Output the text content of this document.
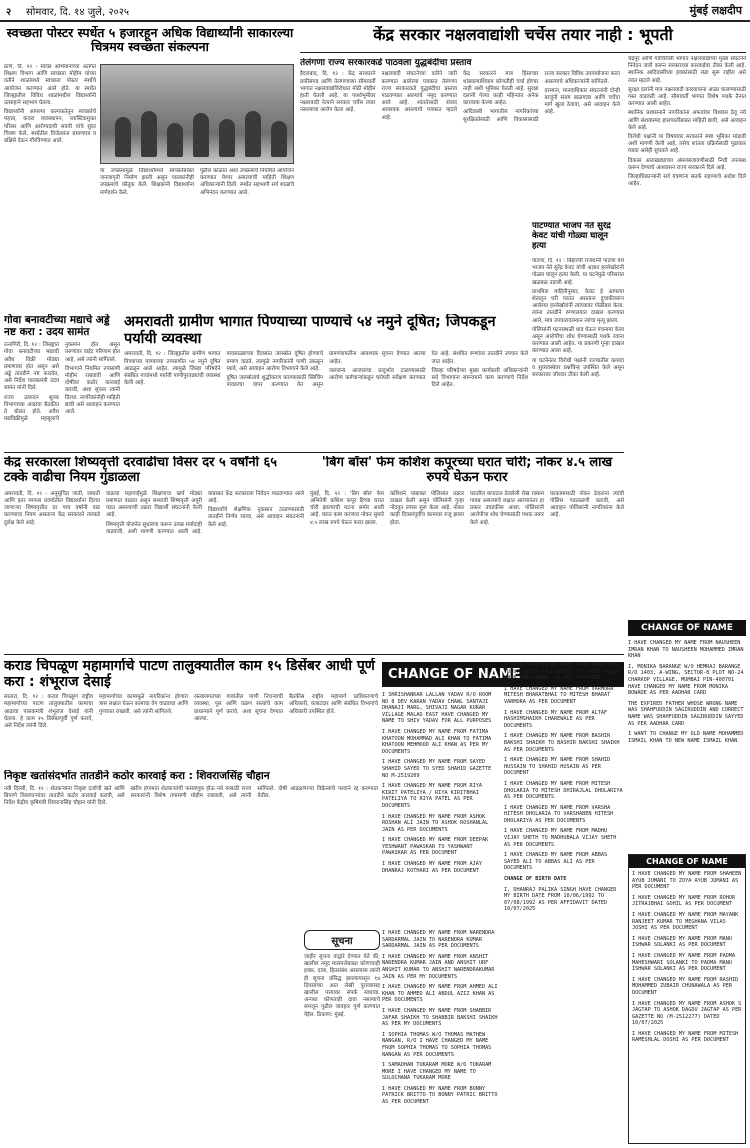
२ सोमवार, दि. १४ जुले, २०२५	मुंबई लक्षदीप
स्वच्छता पोस्टर स्पर्धेत ५ हजारहून अधिक विद्यार्थ्यांनी साकारल्या चित्रमय स्वच्छता संकल्पना

ठाणे, दि. १२ : स्वच्छ अभियानाच्या अंतर्गत शिक्षण विभाग आणि स्वच्छता मोहीम यांच्या वतीने शाळांमध्ये स्वच्छता पोस्टर स्पर्धेचे आयोजन करण्यात आले होते. या स्पर्धेत जिल्ह्यातील विविध शाळांमधील विद्यार्थ्यांनी उत्साहाने सहभाग घेतला.

विद्यार्थ्यांनी आपल्या कल्पकतेतून स्वच्छतेचे महत्त्व, कचरा व्यवस्थापन, प्लास्टिकमुक्त परिसर आणि आरोग्यदायी सवयी यांचे सुंदर चित्रण केले. स्पर्धेतील विजेत्यांना प्रमाणपत्र व बक्षिसे देऊन गौरविण्यात आले.

या उपक्रमामुळे विद्यार्थ्यांमध्ये स्वच्छतेबाबत जनजागृती निर्माण झाली असून पालकांनीही उपक्रमाचे कौतुक केले. शिक्षकांनी विद्यार्थ्यांना मार्गदर्शन केले.

पुढील काळात अशा उपक्रमांचे नियमित आयोजन करण्यात येणार असल्याची माहिती शिक्षण अधिकाऱ्यांनी दिली. स्पर्धेत सहभागी सर्व शाळांचे अभिनंदन करण्यात आले.

केंद्र सरकार नक्षलवाद्यांशी चर्चेस तयार नाही : भूपती
तेलंगणा राज्य सरकारकडे पाठवला युद्धबंदीचा प्रस्ताव

हैदराबाद, दि. १२ : केंद्र सरकारने छत्तीसगड आणि तेलंगणाच्या सीमावर्ती भागात नक्षलवाद्यांविरोधात मोठी मोहीम हाती घेतली आहे. या पार्श्वभूमीवर नक्षलवादी नेत्याने सरकार चर्चेस तयार नसल्याचा आरोप केला आहे.

नक्षलवादी संघटनेच्या वतीने जारी करण्यात आलेल्या पत्रकात तेलंगणा राज्य सरकारकडे युद्धबंदीचा प्रस्ताव पाठवण्यात आल्याचे नमूद करण्यात आले आहे. शांततेसाठी संवाद आवश्यक असल्याचे पत्रकात म्हटले आहे.

केंद्र सरकारने मात्र हिंसाचार थांबवल्याशिवाय कोणतीही चर्चा होणार नाही अशी भूमिका घेतली आहे. सुरक्षा दलांनी गेल्या काही महिन्यांत अनेक कारवाया केल्या आहेत.

आदिवासी भागातील नागरिकांच्या सुरक्षिततेसाठी आणि विकासासाठी राज्य सरकार विविध उपाययोजना करत असल्याचे अधिकाऱ्यांनी सांगितले.

दरम्यान, मानवाधिकार संघटनांनी दोन्ही बाजूंनी संयम बाळगावा आणि चर्चेचा मार्ग खुला ठेवावा, असे आवाहन केले आहे.

चंद्रपूर आणि गडचिरोली भागात नक्षलवाद्यांच्या मुख्य संघटनेने निवेदन जारी करून सरकारच्या कारवाईवर टीका केली आहे. स्थानिक आदिवासींच्या हक्कांसाठी लढा सुरू राहील असे त्यात म्हटले आहे.

सुरक्षा दलांनी मात्र नक्षलवादी कारवायांना आळा घालण्यासाठी गस्त वाढवली आहे. सीमावर्ती भागात विशेष पथके तैनात करण्यात आली आहेत.

स्थानिक प्रशासनाने नागरिकांना अफवांवर विश्वास ठेवू नये आणि संशयास्पद हालचालींबाबत माहिती द्यावी, असे आवाहन केले आहे.

विरोधी पक्षांनी या विषयावर सरकारने स्पष्ट भूमिका मांडावी अशी मागणी केली आहे. तसेच शांतता प्रक्रियेसाठी पुढाकार घ्यावा असेही सुचवले आहे.

विकास आराखड्याच्या अंमलबजावणीसाठी निधी उपलब्ध करून देण्याचे आश्वासन राज्य सरकारने दिले आहे.

जिल्हाधिकाऱ्यांनी सर्व यंत्रणांना सतर्क राहण्याचे आदेश दिले आहेत.

पाटण्यात भाजप नेते सुरेंद्र केवट यांची गोळ्या घालून हत्या

पाटणा, दि. १२ : बिहारची राजधानी पाटणा येथे भाजप नेते सुरेंद्र केवट यांची अज्ञात हल्लेखोरांनी गोळ्या घालून हत्या केली. या घटनेमुळे परिसरात खळबळ उडाली आहे.

प्राथमिक माहितीनुसार, केवट हे आपल्या शेतातून घरी परतत असताना दुचाकीवरून आलेल्या हल्लेखोरांनी त्यांच्यावर गोळीबार केला. त्यांना तातडीने रुग्णालयात दाखल करण्यात आले, मात्र उपचारादरम्यान त्यांचा मृत्यू झाला.

पोलिसांनी घटनास्थळी धाव घेऊन पंचनामा केला असून आरोपींचा शोध घेण्यासाठी पथके रवाना करण्यात आली आहेत. या प्रकरणी गुन्हा दाखल करण्यात आला आहे.

या घटनेनंतर विरोधी पक्षांनी राज्यातील कायदा व सुव्यवस्थेवर प्रश्नचिन्ह उपस्थित केले असून सरकारवर जोरदार टीका केली आहे.

गोवा बनावटीच्या मद्याचे अड्डे नष्ट करा : उदय सामंत

रत्नागिरी, दि. १२ : जिल्ह्यात गोवा बनावटीच्या मद्याची अवैध विक्री मोठ्या प्रमाणावर होत असून असे अड्डे तातडीने नष्ट करावेत, असे निर्देश पालकमंत्री उदय सामंत यांनी दिले.

राज्य उत्पादन शुल्क विभागाच्या आढावा बैठकीत ते बोलत होते. अवैध मद्यविक्रीमुळे महसुलाचे नुकसान होत असून तरुणांवर वाईट परिणाम होत आहे, असे त्यांनी सांगितले.

विभागाने नियमित तपासणी मोहीम राबवावी आणि दोषींवर कठोर कारवाई करावी, अशा सूचना त्यांनी दिल्या. नागरिकांनीही माहिती द्यावी असे आवाहन करण्यात आले.

अमरावती ग्रामीण भागात पिण्याच्या पाण्याचे ५४ नमुने दूषित; जिपकडून पर्यायी व्यवस्था

अमरावती, दि. १२ : जिल्ह्यातील ग्रामीण भागात पिण्याच्या पाण्याच्या तपासणीत ५४ नमुने दूषित आढळून आले आहेत. त्यामुळे जिल्हा परिषदेने संबंधित गावांमध्ये पर्यायी पाणीपुरवठ्याची व्यवस्था केली आहे.

पावसाळ्याच्या दिवसांत जलस्रोत दूषित होण्याचे प्रमाण वाढते. त्यामुळे नागरिकांनी पाणी उकळून प्यावे, असे आवाहन आरोग्य विभागाने केले आहे.

दूषित जलस्रोतांचे शुद्धीकरण करण्यासाठी ब्लिचिंग पावडरचा वापर करण्यात येत असून ग्रामपंचायतींना आवश्यक सूचना देण्यात आल्या आहेत.

जलजन्य आजारांचा प्रादुर्भाव टाळण्यासाठी आरोग्य कर्मचाऱ्यांकडून घरोघरी सर्वेक्षण करण्यात येत आहे. संशयित रुग्णांवर तातडीने उपचार केले जात आहेत.

जिल्हा परिषदेच्या मुख्य कार्यकारी अधिकाऱ्यांनी सर्व विभागांना समन्वयाने काम करण्याचे निर्देश दिले आहेत.

केंद्र सरकारला शिष्यवृत्ती दरवाढीचा विसर दर ५ वर्षांनी ६५ टक्के वाढीचा नियम गुंडाळला

अमरावती, दि. १२ : अनुसूचित जाती, जमाती आणि इतर मागास प्रवर्गातील विद्यार्थ्यांना दिल्या जाणाऱ्या शिष्यवृत्तीत दर पाच वर्षांनी वाढ करण्याचा नियम असताना केंद्र सरकारने त्याकडे दुर्लक्ष केले आहे.

वाढत्या महागाईमुळे शिक्षणाचा खर्च मोठ्या प्रमाणात वाढला असून सध्याची शिष्यवृत्ती अपुरी पडत असल्याची तक्रार विद्यार्थी संघटनांनी केली आहे.

शिष्यवृत्ती योजनेत सुधारणा करून उत्पन्न मर्यादाही वाढवावी, अशी मागणी करण्यात आली आहे. याबाबत केंद्र सरकारला निवेदन पाठवण्यात आले आहे.

विद्यार्थ्यांचे शैक्षणिक नुकसान टाळण्यासाठी तातडीने निर्णय घ्यावा, असे आवाहन संघटनांनी केले आहे.

'बिग बॉस' फेम कशिश कपूरच्या घरात चोरी; नोकर ४.५ लाख रुपये घेऊन फरार

मुंबई, दि. १२ : 'बिग बॉस' फेम अभिनेत्री कशिश कपूर हिच्या घरात चोरी झाल्याची घटना समोर आली आहे. घरात काम करणारा नोकर सुमारे ४.५ लाख रुपये घेऊन फरार झाला.

कशिशने याबाबत पोलिसांत तक्रार दाखल केली असून पोलिसांनी गुन्हा नोंदवून तपास सुरू केला आहे. नोकर काही दिवसांपूर्वीच कामावर रुजू झाला होता.

घरातील कपाटात ठेवलेली रोख रक्कम गायब असल्याचे लक्षात आल्यानंतर हा प्रकार उघडकीस आला. पोलिसांनी आरोपीचा शोध घेण्यासाठी पथक तयार केले आहे.

घरकामासाठी नोकर ठेवताना त्यांची पोलिस पडताळणी करावी, असे आवाहन पोलिसांनी नागरिकांना केले आहे.

CHANGE OF NAME

I HAVE CHANGED MY NAME FROM NAUSHEEN IMRAN KHAN TO NAUSHEEN MOHAMMED IMRAN KHAN

I, MONIKA BARANGE W/O HEMRAJ BARANGE R/O 1403, A-WING, SECTOR-8 PLOT NO-24 CHARKOP VILLAGE, MUMBAI PIN-400701 HAVE CHANGED MY NAME FROM MONIKA BOWADE AS PER AADHAR CARD

THE EXPIRED FATHER WHOSE WRONG NAME WAS SHAHFUDDIN SAGIRUDDIN AND CORRECT NAME WAS SHAHFUDDIN SAGIRUDDIN SAYYED AS PER AADHAR CARD

I WANT TO CHANGE MY OLD NAME MOHAMMED ISMAIL KHAN TO NEW NAME ISMAIL KHAN

कराड चिपळूण महामार्गाचे पाटण तालुक्यातील काम १५ डिसेंबर आधी पूर्ण करा : शंभूराज देसाई

सातारा, दि. १२ : कराड चिपळूण राष्ट्रीय महामार्गाच्या पाटण तालुक्यातील कामाचा आढावा पालकमंत्री शंभूराज देसाई यांनी घेतला. हे काम १५ डिसेंबरपूर्वी पूर्ण करावे, असे निर्देश त्यांनी दिले.

महामार्गाच्या कामामुळे नागरिकांना होणारा त्रास लक्षात घेऊन कामाचा वेग वाढवावा आणि गुणवत्ता राखावी, असे त्यांनी सांगितले.

रस्त्यालगतच्या गावांतील पाणी निचऱ्याची व्यवस्था, पूल आणि वळण रस्त्यांचे काम प्राधान्याने पूर्ण करावे, अशा सूचना देण्यात आल्या.

बैठकीस राष्ट्रीय महामार्ग प्राधिकरणाचे अधिकारी, कंत्राटदार आणि संबंधित विभागांचे अधिकारी उपस्थित होते.

निकृष्ट खतांसंदर्भात तातडीने कठोर कारवाई करा : शिवराजसिंह चौहान

नवी दिल्ली, दि. १२ : शेतकऱ्यांना निकृष्ट दर्जाची खते आणि बियाणे विकणाऱ्यांवर तातडीने कठोर कारवाई करावी, असे निर्देश केंद्रीय कृषिमंत्री शिवराजसिंह चौहान यांनी दिले.

खरीप हंगामात शेतकऱ्यांची फसवणूक होऊ नये यासाठी राज्य सरकारांनी विशेष तपासणी मोहीम राबवावी, असे त्यांनी सांगितले. दोषी आढळणाऱ्या विक्रेत्यांचे परवाने रद्द करण्यात येतील.

CHANGE OF NAME

I SHRISHANKAR LALLAN YADAV R/O ROOM NO 8 DEV KARAN YADAV CHAWL SANTAJI DHANAJI MARG, SHIVAJI NAGAR KURAR VILLAGE MALAD EAST HAVE CHANGED MY NAME TO SHIV YADAV FOR ALL PURPOSES

I HAVE CHANGED MY NAME FROM FATIMA KHATOON MOHAMMAD ALI KHAN TO FATIMA KHATOON MEHMOOD ALI KHAN AS PER MY DOCUMENTS

I HAVE CHANGED MY NAME FROM SAYED SHAHID SAYED TO SYED SHAHID GAZETTE NO M-2519209

I HAVE CHANGED MY NAME FROM RIYA KIRIT PATELIYA / RIYA KIRITBHAI PATELIYA TO RIYA PATEL AS PER DOCUMENTS

I HAVE CHANGED MY NAME FROM ASHOK ROSHAN ALI JAIN TO ASHOK ROSHANLAL JAIN AS PER DOCUMENTS

I HAVE CHANGED MY NAME FROM DEEPAK YESHWANT PAWASKAR TO YASHWANT PAWASKAR AS PER DOCUMENT

I HAVE CHANGED MY NAME FROM AJAY DHANRAJ KOTHARI AS PER DOCUMENT

I HAVE CHANGED MY NAME FROM KHAN MOHD YUSUF SALIM (OLD NAME) TO YUSUF SALIM KHAN (NEW NAME) AS PER DOCUMENT

I HAVE CHANGED MY NAME FROM VARMORA MITESH BHARATBHAI TO MITESH BHARAT VARMORA AS PER DOCUMENT

I HAVE CHANGED MY NAME FROM ALTAF HASHIMSHAIKH CHAREWALE AS PER DOCUMENTS

I HAVE CHANGED MY NAME FROM BASHIR BAKSHI SHAIKH TO BASHIR BAKSHI SHAIKH AS PER DOCUMENTS

I HAVE CHANGED MY NAME FROM SHAHID HUSSAIN TO SHAHID HUSAIN AS PER DOCUMENT

I HAVE CHANGED MY NAME FROM MITESH DHOLARIA TO MITESH DHIRAJLAL DHOLARIYA AS PER DOCUMENTS

I HAVE CHANGED MY NAME FROM VARSHA HITESH DHOLARIA TO VARSHABEN HITESH DHOLARIYA AS PER DOCUMENTS

I HAVE CHANGED MY NAME FROM MADHU VIJAY SHETH TO MADHUBALA VIJAY SHETH AS PER DOCUMENTS

I HAVE CHANGED MY NAME FROM ABBAS SAYED ALI TO ABBAS ALI AS PER DOCUMENTS

CHANGE OF BIRTH DATE

I, DHANRAJ PALIKA SINGH HAVE CHANGED MY BIRTH DATE FROM 10/06/1992 TO 07/08/1992 AS PER AFFIDAVIT DATED 10/07/2025

सूचना
जाहीर सूचना याद्वारे देण्यात येते की, खालील नमूद मालमत्तेबाबत कोणाचाही हक्क, दावा, हितसंबंध असल्यास त्यांनी ही सूचना प्रसिद्ध झाल्यापासून १४ दिवसांच्या आत लेखी पुराव्यासह खालील पत्त्यावर संपर्क साधावा. अन्यथा कोणताही दावा नसल्याचे समजून पुढील व्यवहार पूर्ण करण्यात येईल. ठिकाण: मुंबई.

I HAVE CHANGED MY NAME FROM NARENDRA SARDARMAL JAIN TO NARENDRA KUMAR SARDARMAL JAIN AS PER DOCUMENTS

I HAVE CHANGED MY NAME FROM ANSHIT NARENDRA KUMAR JAIN AND ANSHIT URF ANSHIT KUMAR TO ANSHIT NARENDRAKUMAR JAIN AS PER MY DOCUMENTS

I HAVE CHANGED MY NAME FROM AHMED ALI KHAN TO AHMED ALI ABDUL AZIZ KHAN AS PER DOCUMENTS

I HAVE CHANGED MY NAME FROM SHABBIR JAFAR SHAIKH TO SHABBIR BAKSHI SHAIKH AS PER MY DOCUMENTS

I SOPHIA THOMAS W/O THOMAS MATHEW NANGAN, R/O I HAVE CHANGED MY NAME FROM SOPHIA THOMAS TO SOPHIA THOMAS NANGAN AS PER DOCUMENTS

I SAMADHAN TUKARAM MORE W/O TUKARAM MORE I HAVE CHANGED MY NAME TO SULOCHANA TUKARAM MORE

I HAVE CHANGED MY NAME FROM BONNY PATRICK BRITTO TO BONNY PATRIC BRITTO AS PER DOCUMENT

CHANGE OF NAME

I HAVE CHANGED MY NAME FROM SHAHEEN AYUB JUMANI TO ZOYA AYUB JUMANI AS PER DOCUMENT

I HAVE CHANGED MY NAME FROM ROHOR JITRAJBHAI GOHIL AS PER DOCUMENT

I HAVE CHANGED MY NAME FROM MAYANK RANJEET KUMAR TO MEGHANA VILAS JOSHI AS PER DOCUMENT

I HAVE CHANGED MY NAME FROM MANU ISHWAR SOLANKI AS PER DOCUMENT

I HAVE CHANGED MY NAME FROM PADMA MAHESHWARI SOLANKI TO PADMA MANU ISHWAR SOLANKI AS PER DOCUMENT

I HAVE CHANGED MY NAME FROM RASHID MOHAMMED ZUBAIR CHUNAWALA AS PER DOCUMENT

I HAVE CHANGED MY NAME FROM ASHOK S JAGTAP TO ASHOK DAGDU JAGTAP AS PER GAZETTE NO (M-2512277) DATED 10/07/2025

I HAVE CHANGED MY NAME FROM MITESH RAMESHLAL DOSHI AS PER DOCUMENT
